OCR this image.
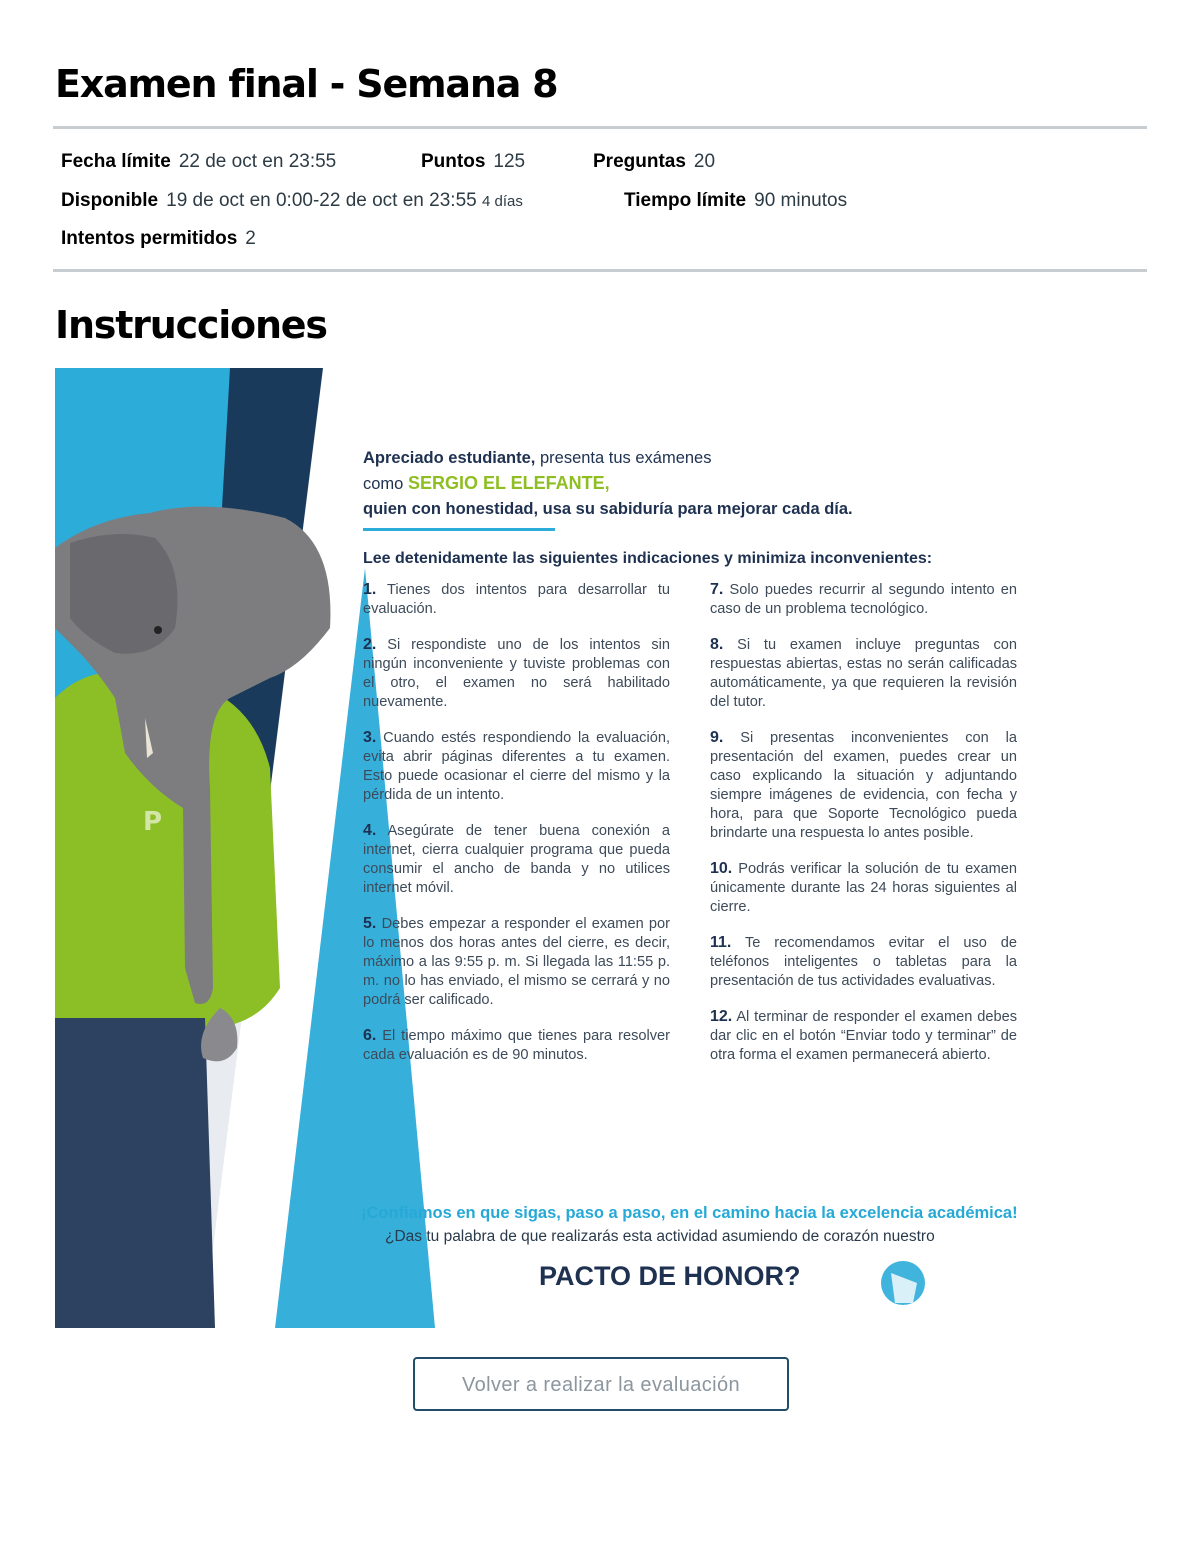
Examen final - Semana 8
Fecha límite 22 de oct en 23:55	Puntos 125	Preguntas 20
Disponible 19 de oct en 0:00-22 de oct en 23:55 4 días	Tiempo límite 90 minutos
Intentos permitidos 2
Instrucciones
P
Apreciado estudiante, presenta tus exámenes
como SERGIO EL ELEFANTE,
quien con honestidad, usa su sabiduría para mejorar cada día.
Lee detenidamente las siguientes indicaciones y minimiza inconvenientes:

1. Tienes dos intentos para desarrollar tu evaluación.

2. Si respondiste uno de los intentos sin ningún inconveniente y tuviste problemas con el otro, el examen no será habilitado nuevamente.

3. Cuando estés respondiendo la evaluación, evita abrir páginas diferentes a tu examen. Esto puede ocasionar el cierre del mismo y la pérdida de un intento.

4. Asegúrate de tener buena conexión a internet, cierra cualquier programa que pueda consumir el ancho de banda y no utilices internet móvil.

5. Debes empezar a responder el examen por lo menos dos horas antes del cierre, es decir, máximo a las 9:55 p. m. Si llegada las 11:55 p. m. no lo has enviado, el mismo se cerrará y no podrá ser calificado.

6. El tiempo máximo que tienes para resolver cada evaluación es de 90 minutos.

7. Solo puedes recurrir al segundo intento en caso de un problema tecnológico.

8. Si tu examen incluye preguntas con respuestas abiertas, estas no serán calificadas automáticamente, ya que requieren la revisión del tutor.

9. Si presentas inconvenientes con la presentación del examen, puedes crear un caso explicando la situación y adjuntando siempre imágenes de evidencia, con fecha y hora, para que Soporte Tecnológico pueda brindarte una respuesta lo antes posible.

10. Podrás verificar la solución de tu examen únicamente durante las 24 horas siguientes al cierre.

11. Te recomendamos evitar el uso de teléfonos inteligentes o tabletas para la presentación de tus actividades evaluativas.

12. Al terminar de responder el examen debes dar clic en el botón “Enviar todo y terminar” de otra forma el examen permanecerá abierto.

¡Confiamos en que sigas, paso a paso, en el camino hacia la excelencia académica!
¿Das tu palabra de que realizarás esta actividad asumiendo de corazón nuestro
PACTO DE HONOR?
Volver a realizar la evaluación
